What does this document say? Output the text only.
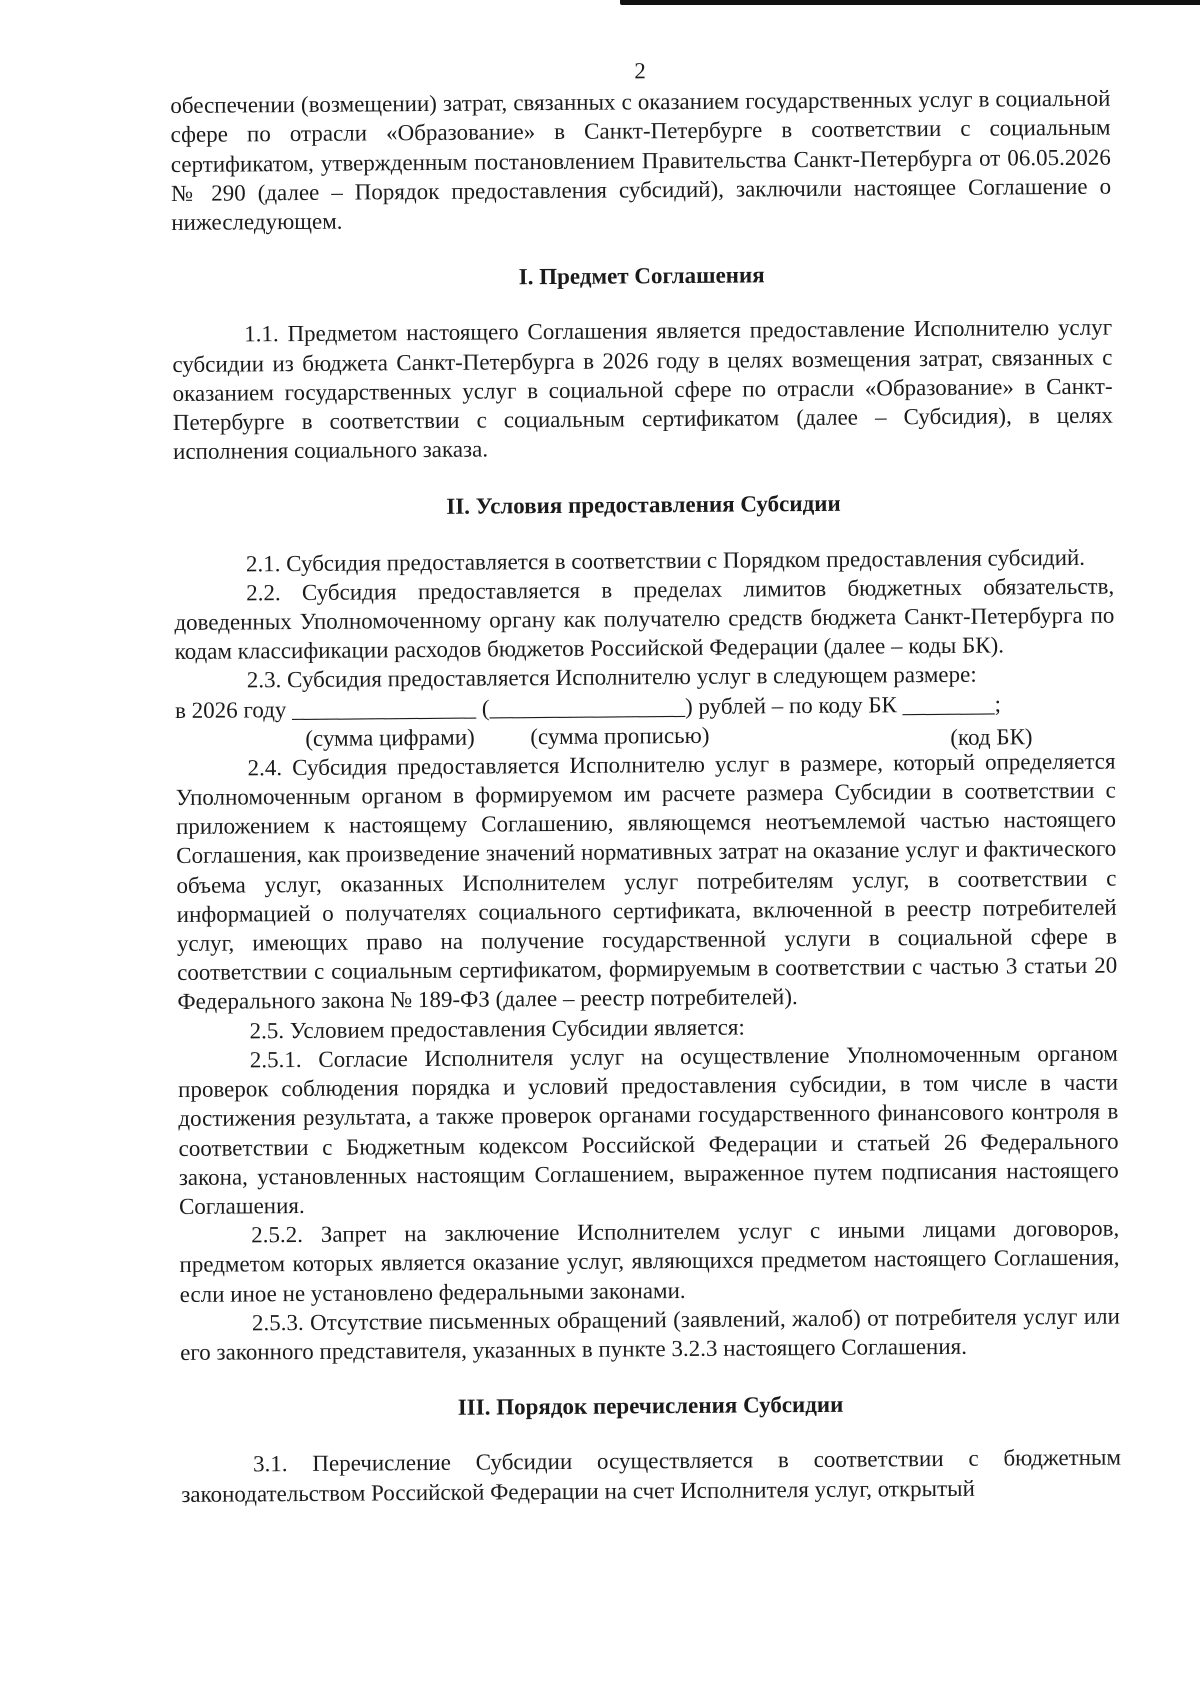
2

обеспечении (возмещении) затрат, связанных с оказанием государственных услуг в социальной сфере по отрасли «Образование» в Санкт-Петербурге в соответствии с социальным сертификатом, утвержденным постановлением Правительства Санкт-Петербурга от 06.05.2026 № 290 (далее – Порядок предоставления субсидий), заключили настоящее Соглашение о нижеследующем.

I. Предмет Соглашения

1.1. Предметом настоящего Соглашения является предоставление Исполнителю услуг субсидии из бюджета Санкт-Петербурга в 2026 году в целях возмещения затрат, связанных с оказанием государственных услуг в социальной сфере по отрасли «Образование» в Санкт-Петербурге в соответствии с социальным сертификатом (далее – Субсидия), в целях исполнения социального заказа.

II. Условия предоставления Субсидии

2.1. Субсидия предоставляется в соответствии с Порядком предоставления субсидий.

2.2. Субсидия предоставляется в пределах лимитов бюджетных обязательств, доведенных Уполномоченному органу как получателю средств бюджета Санкт-Петербурга по кодам классификации расходов бюджетов Российской Федерации (далее – коды БК).

2.3. Субсидия предоставляется Исполнителю услуг в следующем размере:

в 2026 году ________________ (_________________) рублей – по коду БК ________;
(сумма цифрами) (сумма прописью)	(код БК)

2.4. Субсидия предоставляется Исполнителю услуг в размере, который определяется Уполномоченным органом в формируемом им расчете размера Субсидии в соответствии с приложением к настоящему Соглашению, являющемся неотъемлемой частью настоящего Соглашения, как произведение значений нормативных затрат на оказание услуг и фактического объема услуг, оказанных Исполнителем услуг потребителям услуг, в соответствии с информацией о получателях социального сертификата, включенной в реестр потребителей услуг, имеющих право на получение государственной услуги в социальной сфере в соответствии с социальным сертификатом, формируемым в соответствии с частью 3 статьи 20 Федерального закона № 189-ФЗ (далее – реестр потребителей).

2.5. Условием предоставления Субсидии является:

2.5.1. Согласие Исполнителя услуг на осуществление Уполномоченным органом проверок соблюдения порядка и условий предоставления субсидии, в том числе в части достижения результата, а также проверок органами государственного финансового контроля в соответствии с Бюджетным кодексом Российской Федерации и статьей 26 Федерального закона, установленных настоящим Соглашением, выраженное путем подписания настоящего Соглашения.

2.5.2. Запрет на заключение Исполнителем услуг с иными лицами договоров, предметом которых является оказание услуг, являющихся предметом настоящего Соглашения, если иное не установлено федеральными законами.

2.5.3. Отсутствие письменных обращений (заявлений, жалоб) от потребителя услуг или его законного представителя, указанных в пункте 3.2.3 настоящего Соглашения.

III. Порядок перечисления Субсидии

3.1. Перечисление Субсидии осуществляется в соответствии с бюджетным законодательством Российской Федерации на счет Исполнителя услуг, открытый
